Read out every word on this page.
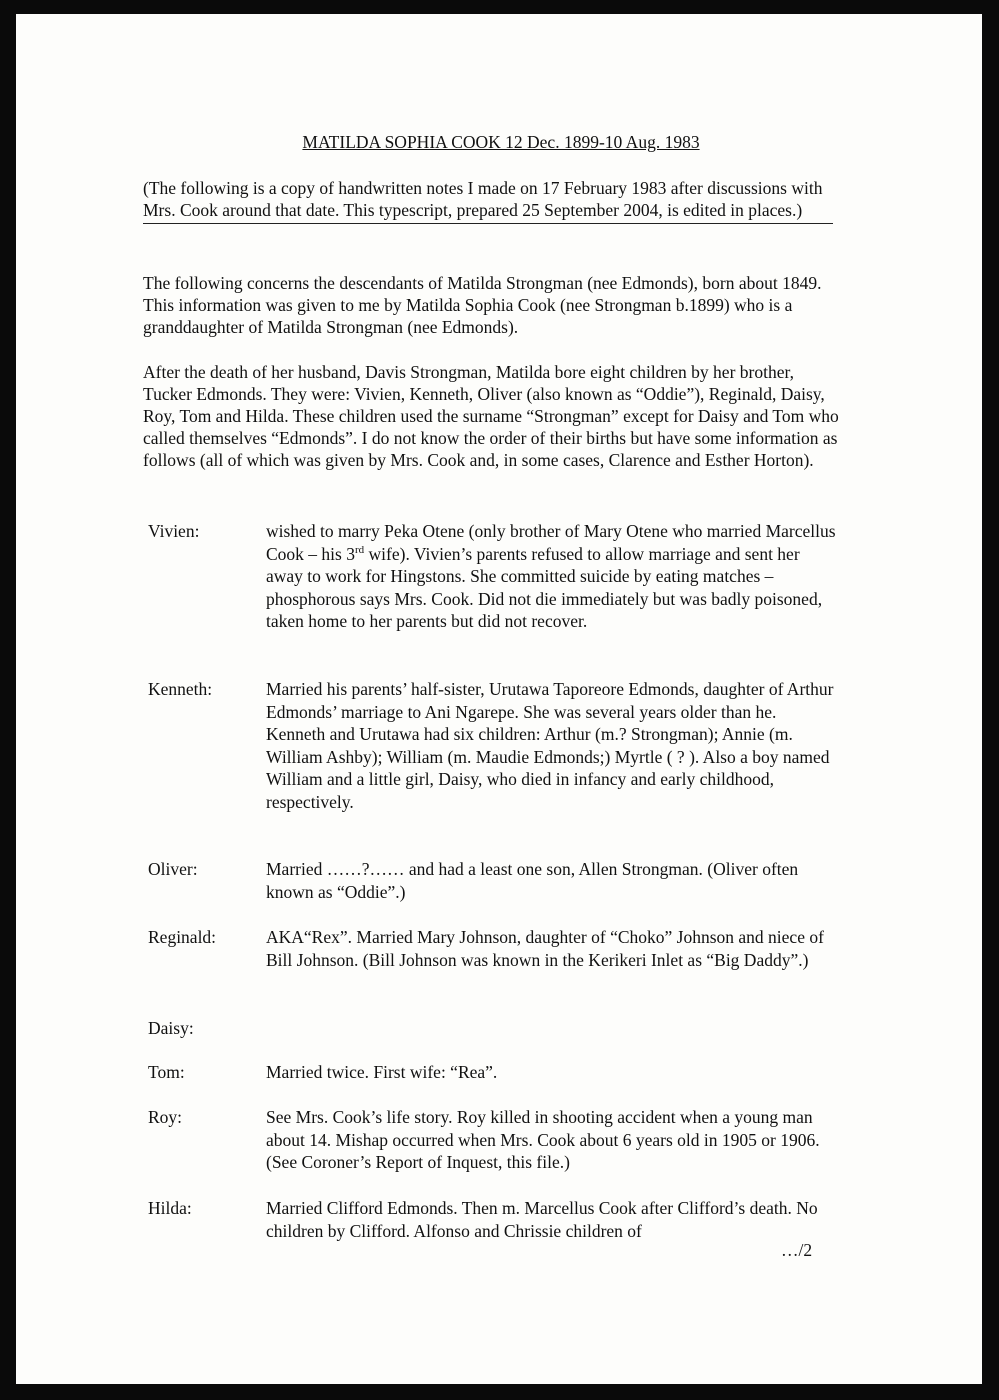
MATILDA SOPHIA COOK 12 Dec. 1899-10 Aug. 1983
(The following is a copy of handwritten notes I made on 17 February 1983 after discussions with Mrs. Cook around that date. This typescript, prepared 25 September 2004, is edited in places.)
The following concerns the descendants of Matilda Strongman (nee Edmonds), born about 1849. This information was given to me by Matilda Sophia Cook (nee Strongman b.1899) who is a granddaughter of Matilda Strongman (nee Edmonds).
After the death of her husband, Davis Strongman, Matilda bore eight children by her brother, Tucker Edmonds. They were: Vivien, Kenneth, Oliver (also known as “Oddie”), Reginald, Daisy, Roy, Tom and Hilda. These children used the surname “Strongman” except for Daisy and Tom who called themselves “Edmonds”. I do not know the order of their births but have some information as follows (all of which was given by Mrs. Cook and, in some cases, Clarence and Esther Horton).
Vivien:	wished to marry Peka Otene (only brother of Mary Otene who married Marcellus Cook – his 3rd wife). Vivien’s parents refused to allow marriage and sent her away to work for Hingstons. She committed suicide by eating matches – phosphorous says Mrs. Cook. Did not die immediately but was badly poisoned, taken home to her parents but did not recover.
Kenneth:	Married his parents’ half-sister, Urutawa Taporeore Edmonds, daughter of Arthur Edmonds’ marriage to Ani Ngarepe. She was several years older than he. Kenneth and Urutawa had six children: Arthur (m.? Strongman); Annie (m. William Ashby); William (m. Maudie Edmonds;) Myrtle ( ? ). Also a boy named William and a little girl, Daisy, who died in infancy and early childhood, respectively.
Oliver:	Married ……?…… and had a least one son, Allen Strongman. (Oliver often known as “Oddie”.)
Reginald:	AKA“Rex”. Married Mary Johnson, daughter of “Choko” Johnson and niece of Bill Johnson. (Bill Johnson was known in the Kerikeri Inlet as “Big Daddy”.)
Daisy:
Tom:	Married twice. First wife: “Rea”.
Roy:	See Mrs. Cook’s life story. Roy killed in shooting accident when a young man about 14. Mishap occurred when Mrs. Cook about 6 years old in 1905 or 1906. (See Coroner’s Report of Inquest, this file.)
Hilda:	Married Clifford Edmonds. Then m. Marcellus Cook after Clifford’s death. No children by Clifford. Alfonso and Chrissie children of
…/2
